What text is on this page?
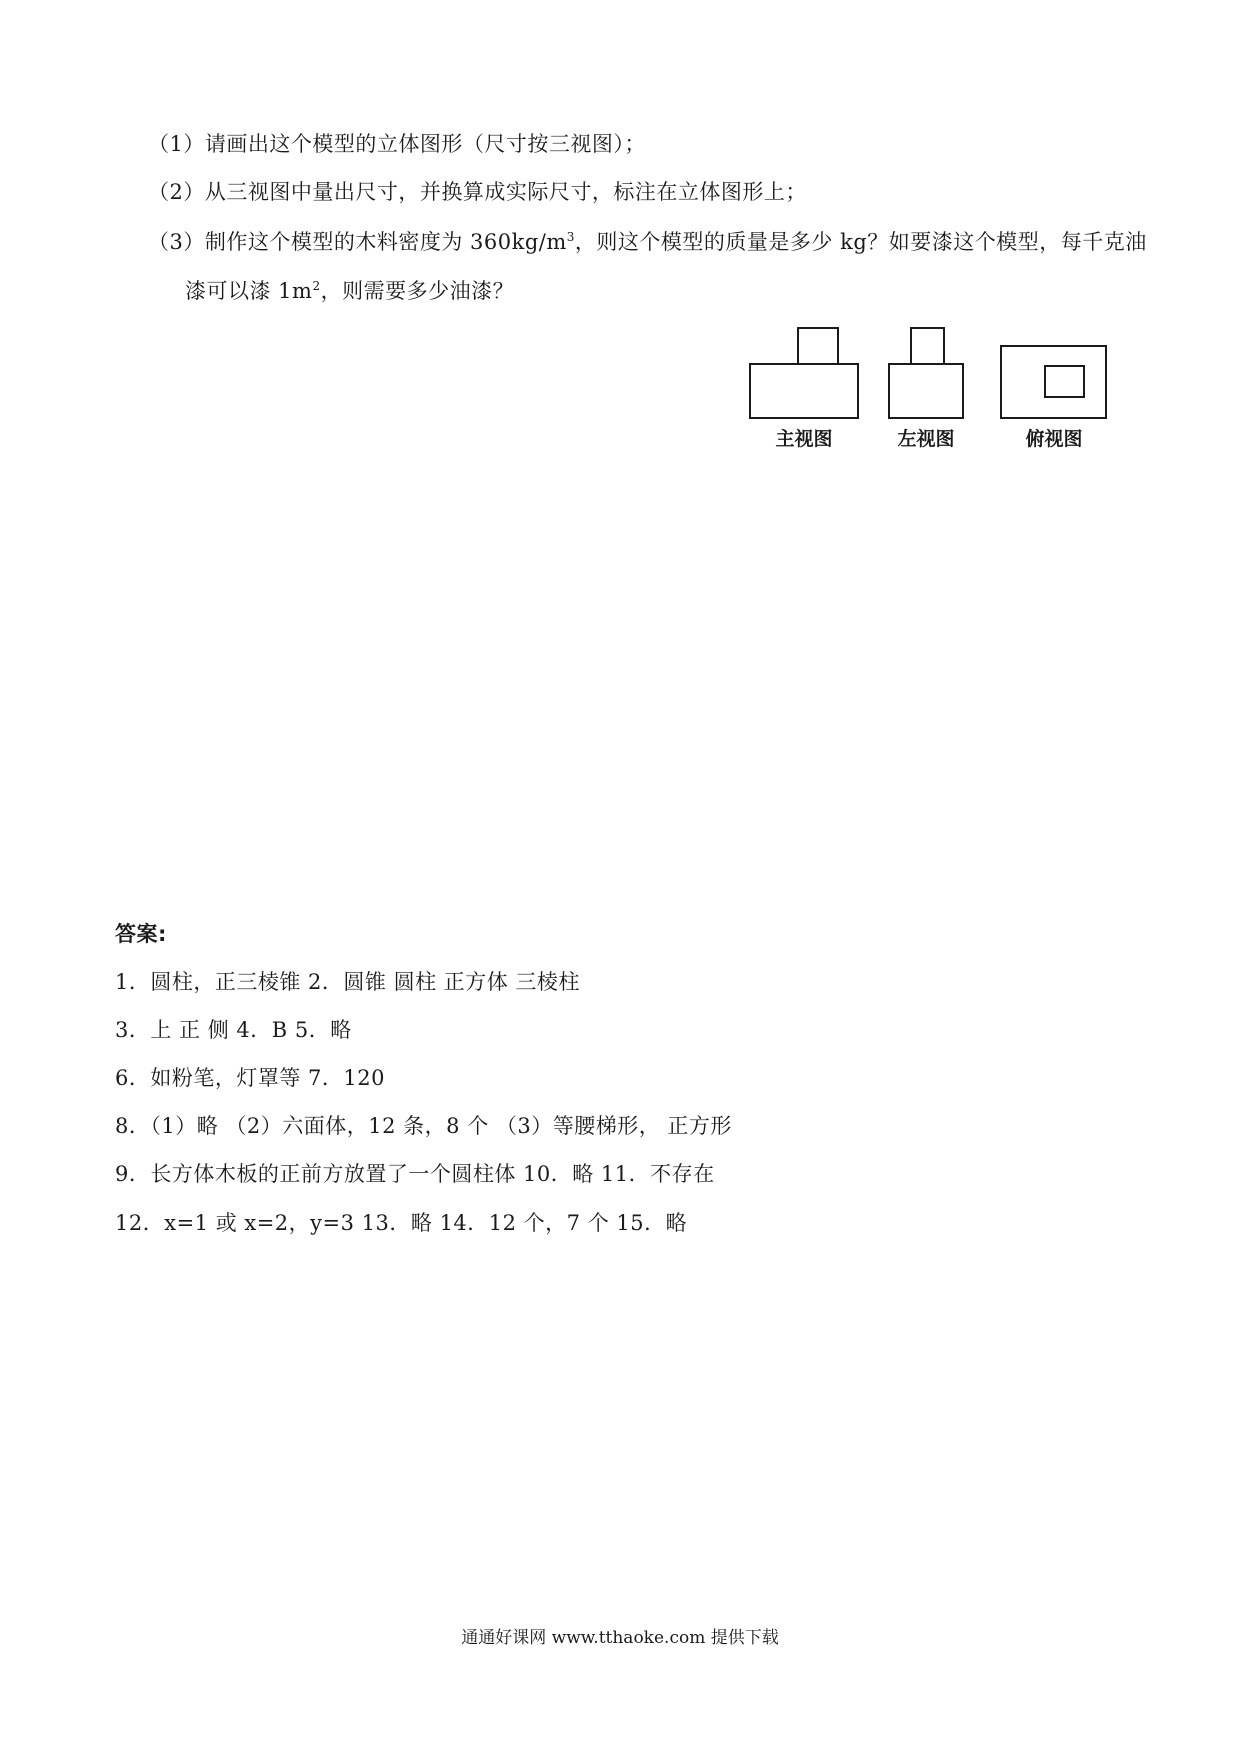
（1）请画出这个模型的立体图形（尺寸按三视图）；
（2）从三视图中量出尺寸，并换算成实际尺寸，标注在立体图形上；
（3）制作这个模型的木料密度为 $360kg/m^3$，则这个模型的质量是多少 kg？如要漆这个模型，每千克油
漆可以漆 $1m^2$，则需要多少油漆？
主视图	左视图	俯视图
答案:
1．圆柱，正三棱锥 2．圆锥 圆柱 正方体 三棱柱
3．上 正 侧 4．B 5．略
6．如粉笔，灯罩等 7．120
8．（1）略 （2）六面体，12 条，8 个 （3）等腰梯形， 正方形
9．长方体木板的正前方放置了一个圆柱体 10．略 11．不存在
12．x=1 或 x=2，y=3 13．略 14．12 个，7 个 15．略
通通好课网 www.tthaoke.com 提供下载
